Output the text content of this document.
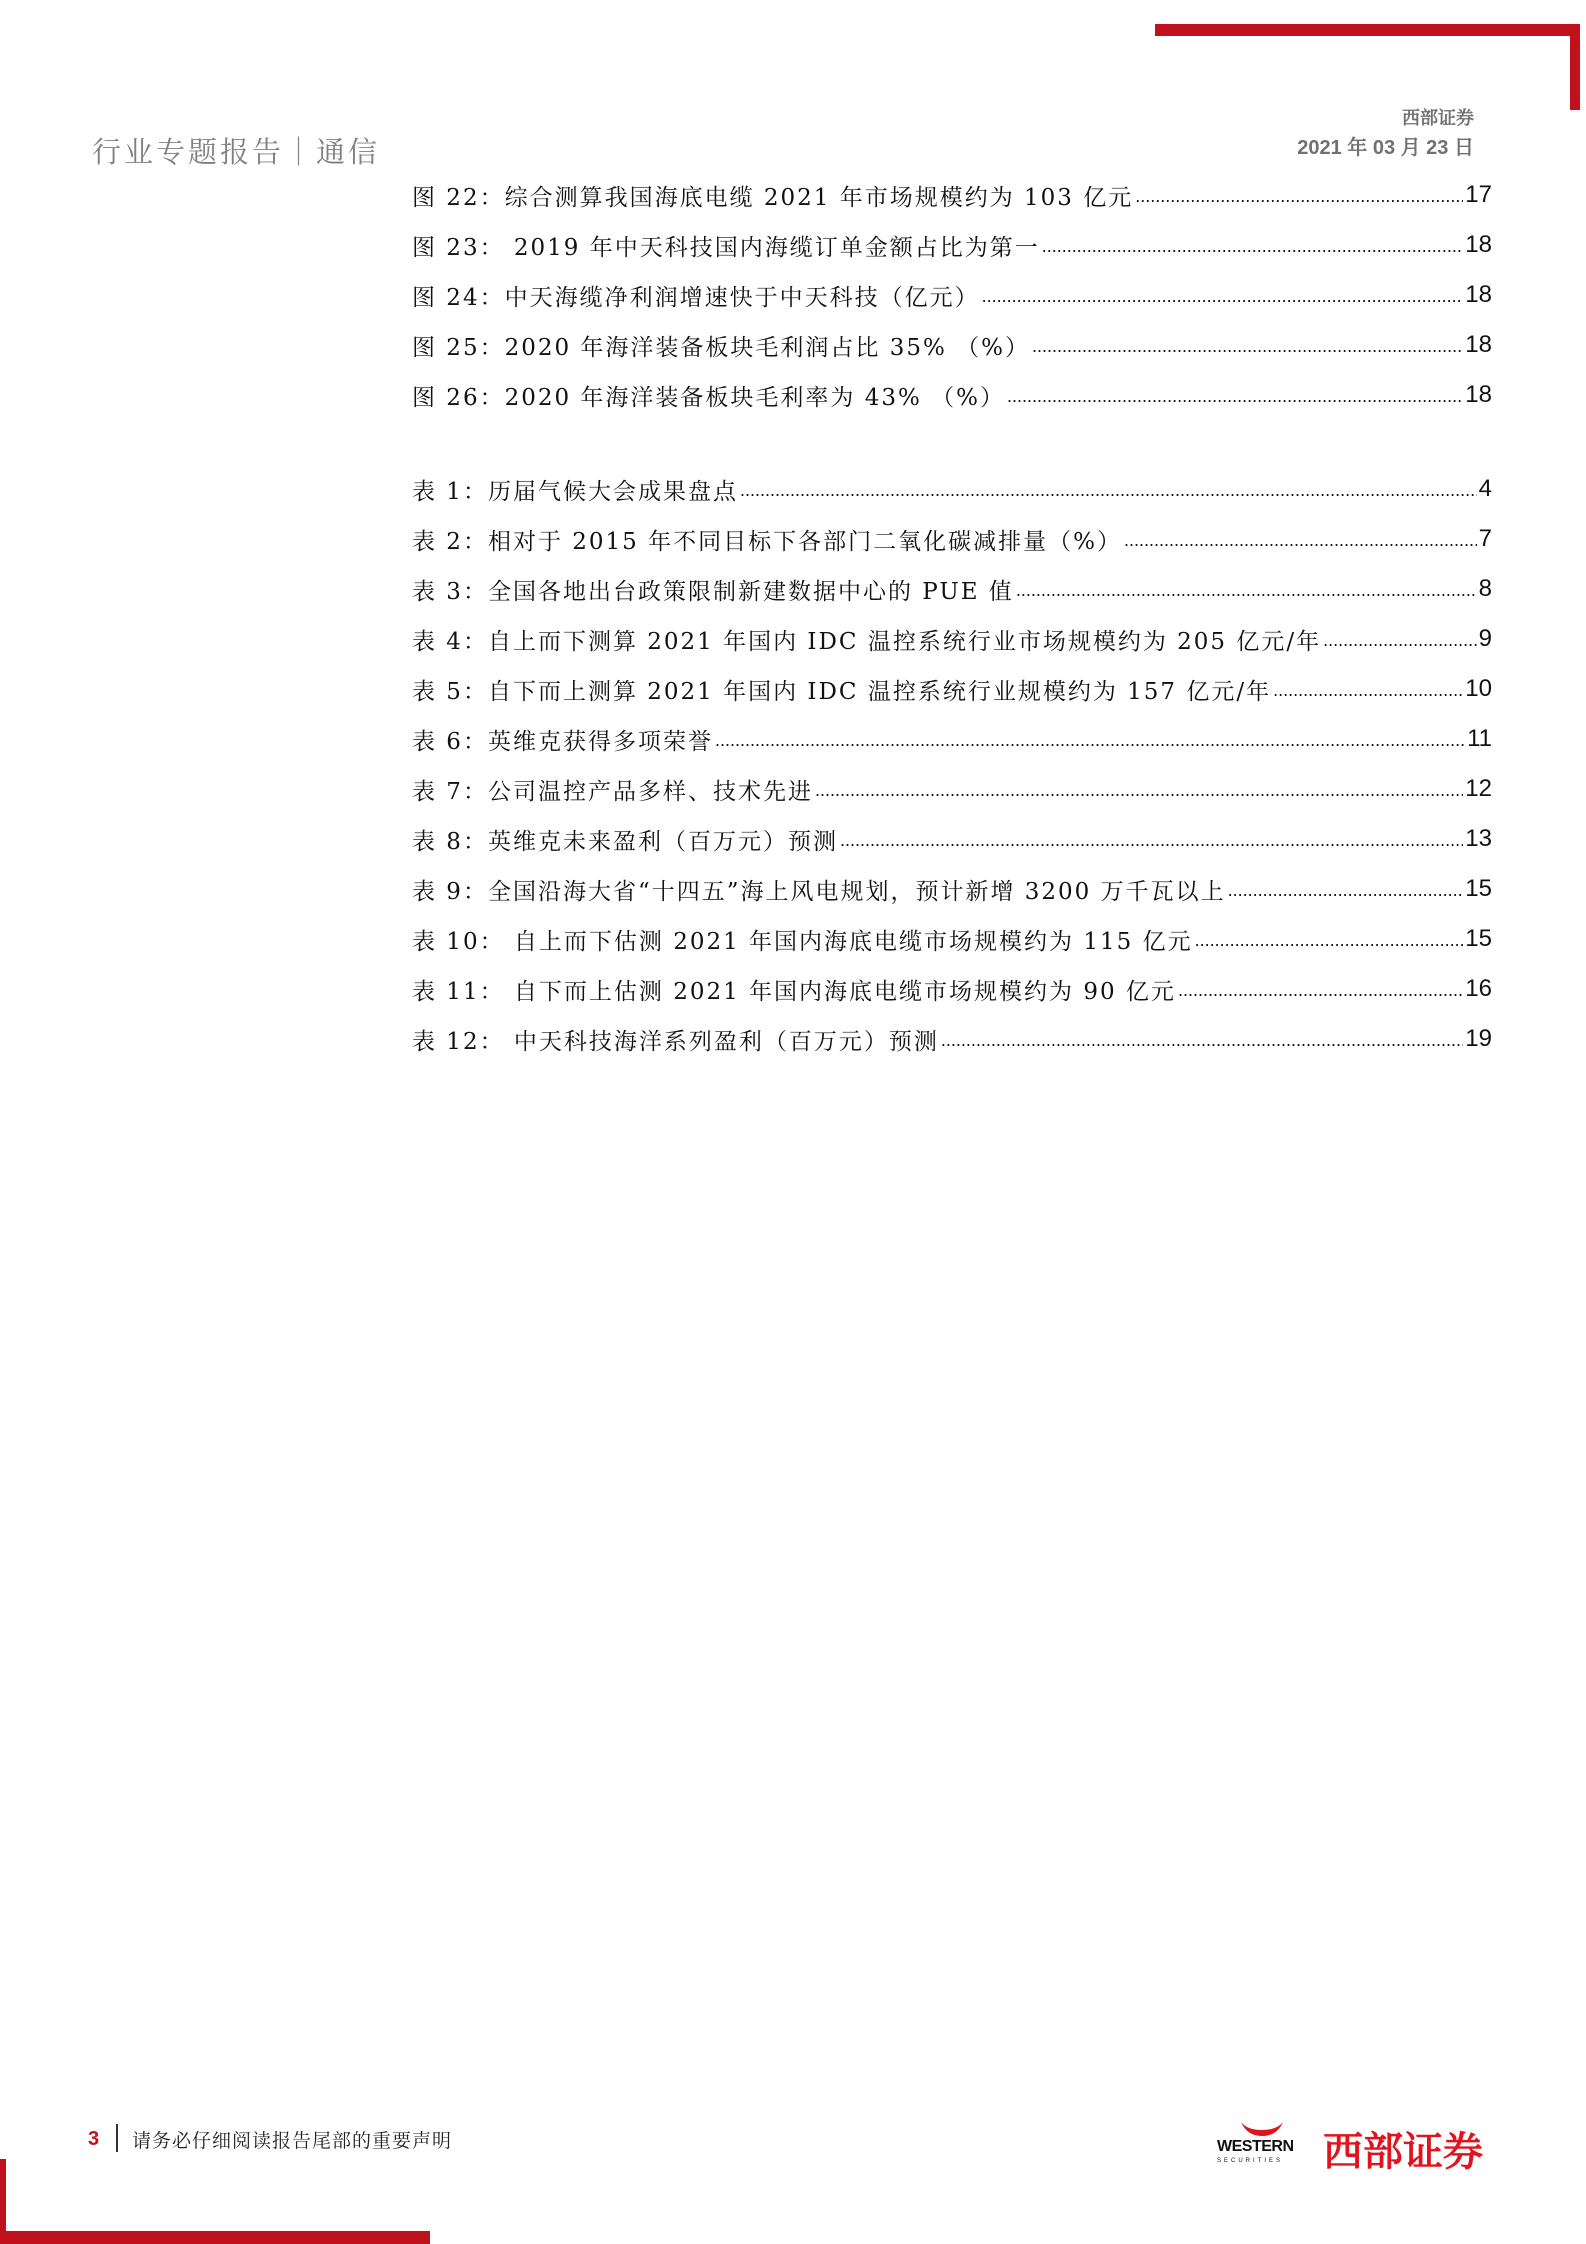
行业专题报告｜通信
西部证券
2021 年 03 月 23 日
图 22：综合测算我国海底电缆 2021 年市场规模约为 103 亿元 .....	17
图 23： 2019 年中天科技国内海缆订单金额占比为第一 .....	18
图 24：中天海缆净利润增速快于中天科技（亿元） .....	18
图 25：2020 年海洋装备板块毛利润占比 35% （%） .....	18
图 26：2020 年海洋装备板块毛利率为 43% （%） .....	18
表 1：历届气候大会成果盘点 .....	4
表 2：相对于 2015 年不同目标下各部门二氧化碳减排量（%） .....	7
表 3：全国各地出台政策限制新建数据中心的 PUE 值 .....	8
表 4：自上而下测算 2021 年国内 IDC 温控系统行业市场规模约为 205 亿元/年 .....	9
表 5：自下而上测算 2021 年国内 IDC 温控系统行业规模约为 157 亿元/年 .....	10
表 6：英维克获得多项荣誉 .....	11
表 7：公司温控产品多样、技术先进 .....	12
表 8：英维克未来盈利（百万元）预测 .....	13
表 9：全国沿海大省“十四五”海上风电规划，预计新增 3200 万千瓦以上 .....	15
表 10： 自上而下估测 2021 年国内海底电缆市场规模约为 115 亿元 .....	15
表 11： 自下而上估测 2021 年国内海底电缆市场规模约为 90 亿元 .....	16
表 12： 中天科技海洋系列盈利（百万元）预测 .....	19
3 请务必仔细阅读报告尾部的重要声明	WESTERN
SECURITIES 西部证券
